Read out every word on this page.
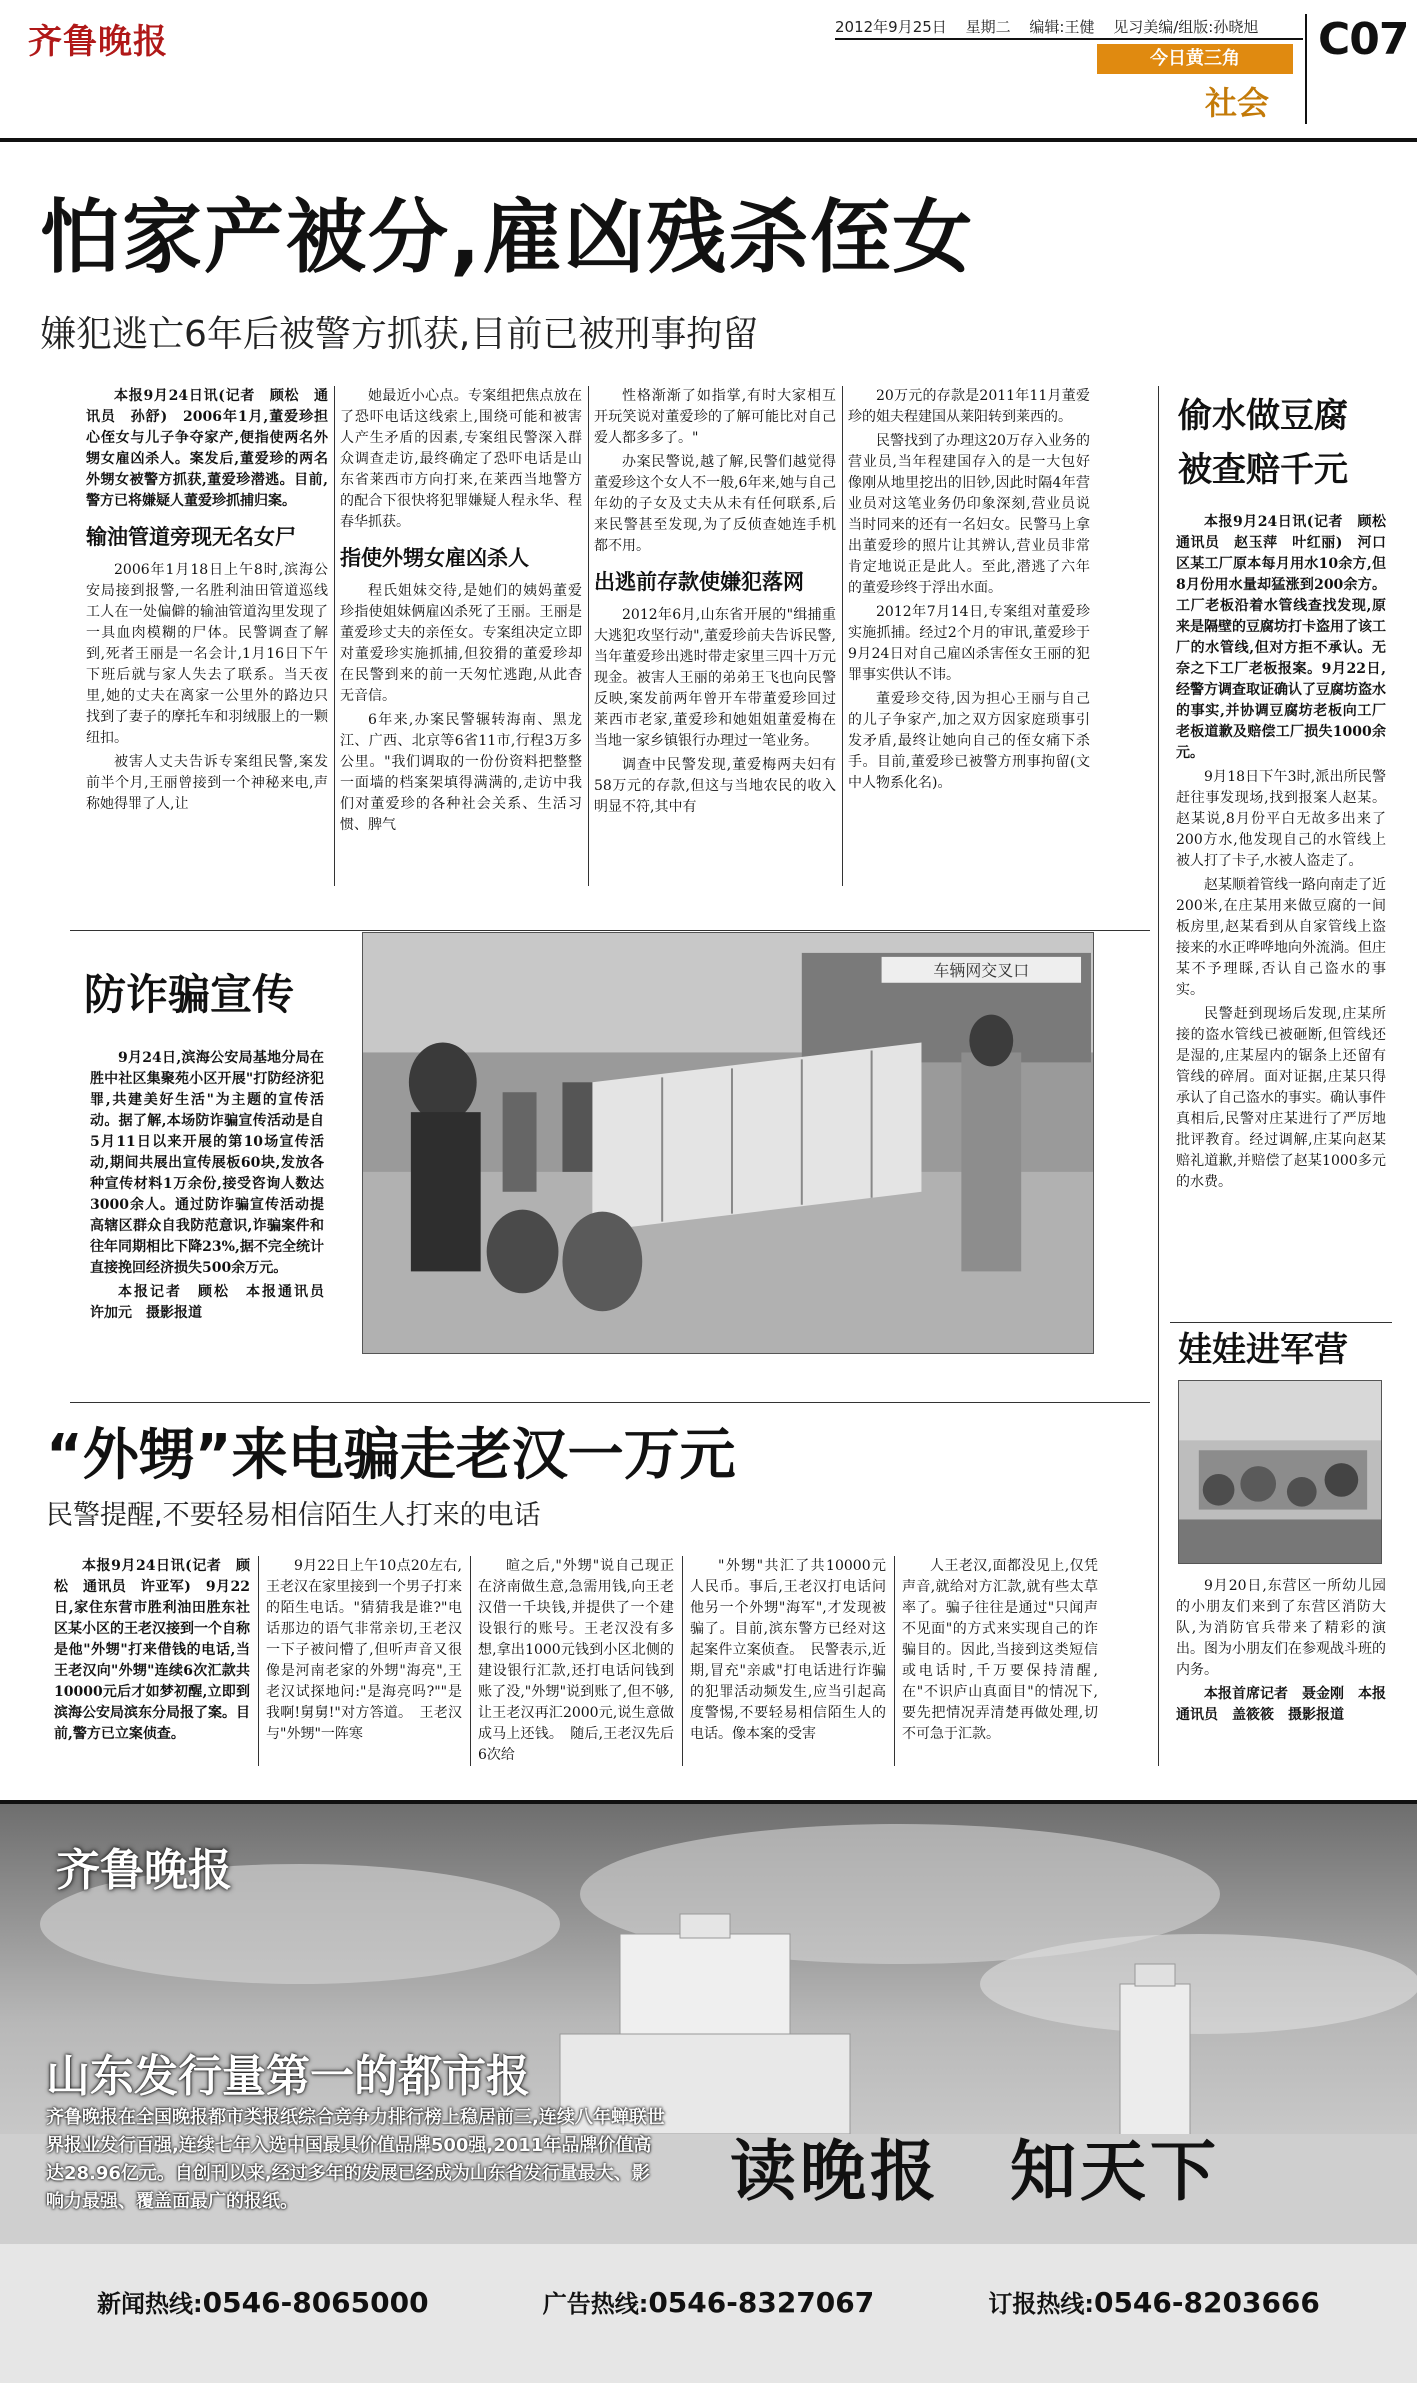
齐鲁晚报	2012年9月25日 星期二 编辑:王健 见习美编/组版:孙晓旭	C07
今日黄三角
社会
怕家产被分,雇凶残杀侄女
嫌犯逃亡6年后被警方抓获,目前已被刑事拘留

本报9月24日讯(记者　顾松　通讯员　孙舒)　2006年1月,董爱珍担心侄女与儿子争夺家产,便指使两名外甥女雇凶杀人。案发后,董爱珍的两名外甥女被警方抓获,董爱珍潜逃。目前,警方已将嫌疑人董爱珍抓捕归案。

输油管道旁现无名女尸

2006年1月18日上午8时,滨海公安局接到报警,一名胜利油田管道巡线工人在一处偏僻的输油管道沟里发现了一具血肉模糊的尸体。民警调查了解到,死者王丽是一名会计,1月16日下午下班后就与家人失去了联系。当天夜里,她的丈夫在离家一公里外的路边只找到了妻子的摩托车和羽绒服上的一颗纽扣。

被害人丈夫告诉专案组民警,案发前半个月,王丽曾接到一个神秘来电,声称她得罪了人,让

她最近小心点。专案组把焦点放在了恐吓电话这线索上,围绕可能和被害人产生矛盾的因素,专案组民警深入群众调查走访,最终确定了恐吓电话是山东省莱西市方向打来,在莱西当地警方的配合下很快将犯罪嫌疑人程永华、程春华抓获。

指使外甥女雇凶杀人

程氏姐妹交待,是她们的姨妈董爱珍指使姐妹俩雇凶杀死了王丽。王丽是董爱珍丈夫的亲侄女。专案组决定立即对董爱珍实施抓捕,但狡猾的董爱珍却在民警到来的前一天匆忙逃跑,从此杳无音信。

6年来,办案民警辗转海南、黑龙江、广西、北京等6省11市,行程3万多公里。"我们调取的一份份资料把整整一面墙的档案架填得满满的,走访中我们对董爱珍的各种社会关系、生活习惯、脾气

性格渐渐了如指掌,有时大家相互开玩笑说对董爱珍的了解可能比对自己爱人都多多了。"

办案民警说,越了解,民警们越觉得董爱珍这个女人不一般,6年来,她与自己年幼的子女及丈夫从未有任何联系,后来民警甚至发现,为了反侦查她连手机都不用。

出逃前存款使嫌犯落网

2012年6月,山东省开展的"缉捕重大逃犯攻坚行动",董爱珍前夫告诉民警,当年董爱珍出逃时带走家里三四十万元现金。被害人王丽的弟弟王飞也向民警反映,案发前两年曾开车带董爱珍回过莱西市老家,董爱珍和她姐姐董爱梅在当地一家乡镇银行办理过一笔业务。

调查中民警发现,董爱梅两夫妇有58万元的存款,但这与当地农民的收入明显不符,其中有

20万元的存款是2011年11月董爱珍的姐夫程建国从莱阳转到莱西的。

民警找到了办理这20万存入业务的营业员,当年程建国存入的是一大包好像刚从地里挖出的旧钞,因此时隔4年营业员对这笔业务仍印象深刻,营业员说当时同来的还有一名妇女。民警马上拿出董爱珍的照片让其辨认,营业员非常肯定地说正是此人。至此,潜逃了六年的董爱珍终于浮出水面。

2012年7月14日,专案组对董爱珍实施抓捕。经过2个月的审讯,董爱珍于9月24日对自己雇凶杀害侄女王丽的犯罪事实供认不讳。

董爱珍交待,因为担心王丽与自己的儿子争家产,加之双方因家庭琐事引发矛盾,最终让她向自己的侄女痛下杀手。目前,董爱珍已被警方刑事拘留(文中人物系化名)。

偷水做豆腐
被查赔千元

本报9月24日讯(记者　顾松　通讯员　赵玉萍　叶红丽)　河口区某工厂原本每月用水10余方,但8月份用水量却猛涨到200余方。工厂老板沿着水管线查找发现,原来是隔壁的豆腐坊打卡盗用了该工厂的水管线,但对方拒不承认。无奈之下工厂老板报案。9月22日,经警方调查取证确认了豆腐坊盗水的事实,并协调豆腐坊老板向工厂老板道歉及赔偿工厂损失1000余元。

9月18日下午3时,派出所民警赶往事发现场,找到报案人赵某。赵某说,8月份平白无故多出来了200方水,他发现自己的水管线上被人打了卡子,水被人盗走了。

赵某顺着管线一路向南走了近200米,在庄某用来做豆腐的一间板房里,赵某看到从自家管线上盗接来的水正哗哗地向外流淌。但庄某不予理睬,否认自己盗水的事实。

民警赶到现场后发现,庄某所接的盗水管线已被砸断,但管线还是湿的,庄某屋内的锯条上还留有管线的碎屑。面对证据,庄某只得承认了自己盗水的事实。确认事件真相后,民警对庄某进行了严厉地批评教育。经过调解,庄某向赵某赔礼道歉,并赔偿了赵某1000多元的水费。

娃娃进军营

9月20日,东营区一所幼儿园的小朋友们来到了东营区消防大队,为消防官兵带来了精彩的演出。图为小朋友们在参观战斗班的内务。

本报首席记者　聂金刚　本报通讯员　盖筱筱　摄影报道

防诈骗宣传

9月24日,滨海公安局基地分局在胜中社区集聚苑小区开展"打防经济犯罪,共建美好生活"为主题的宣传活动。据了解,本场防诈骗宣传活动是自5月11日以来开展的第10场宣传活动,期间共展出宣传展板60块,发放各种宣传材料1万余份,接受咨询人数达3000余人。通过防诈骗宣传活动提高辖区群众自我防范意识,诈骗案件和往年同期相比下降23%,据不完全统计直接挽回经济损失500余万元。

本报记者　顾松　本报通讯员　许加元　摄影报道

车辆网交叉口
“外甥”来电骗走老汉一万元
民警提醒,不要轻易相信陌生人打来的电话

本报9月24日讯(记者　顾松　通讯员　许亚军)　9月22日,家住东营市胜利油田胜东社区某小区的王老汉接到一个自称是他"外甥"打来借钱的电话,当王老汉向"外甥"连续6次汇款共10000元后才如梦初醒,立即到滨海公安局滨东分局报了案。目前,警方已立案侦查。

9月22日上午10点20左右,王老汉在家里接到一个男子打来的陌生电话。"猜猜我是谁?"电话那边的语气非常亲切,王老汉一下子被问懵了,但听声音又很像是河南老家的外甥"海亮",王老汉试探地问:"是海亮吗?""是我啊!舅舅!"对方答道。　王老汉与"外甥"一阵寒

暄之后,"外甥"说自己现正在济南做生意,急需用钱,向王老汉借一千块钱,并提供了一个建设银行的账号。王老汉没有多想,拿出1000元钱到小区北侧的建设银行汇款,还打电话问钱到账了没,"外甥"说到账了,但不够,让王老汉再汇2000元,说生意做成马上还钱。　随后,王老汉先后6次给

"外甥"共汇了共10000元人民币。事后,王老汉打电话问他另一个外甥"海军",才发现被骗了。目前,滨东警方已经对这起案件立案侦查。　民警表示,近期,冒充"亲戚"打电话进行诈骗的犯罪活动频发生,应当引起高度警惕,不要轻易相信陌生人的电话。像本案的受害

人王老汉,面都没见上,仅凭声音,就给对方汇款,就有些太草率了。骗子往往是通过"只闻声不见面"的方式来实现自己的诈骗目的。因此,当接到这类短信或电话时,千万要保持清醒,在"不识庐山真面目"的情况下,要先把情况弄清楚再做处理,切不可急于汇款。

齐鲁晚报
山东发行量第一的都市报
齐鲁晚报在全国晚报都市类报纸综合竞争力排行榜上稳居前三,连续八年蝉联世界报业发行百强,连续七年入选中国最具价值品牌500强,2011年品牌价值高达28.96亿元。自创刊以来,经过多年的发展已经成为山东省发行量最大、影响力最强、覆盖面最广的报纸。	读晚报　知天下
新闻热线:0546-8065000	广告热线:0546-8327067	订报热线:0546-8203666
